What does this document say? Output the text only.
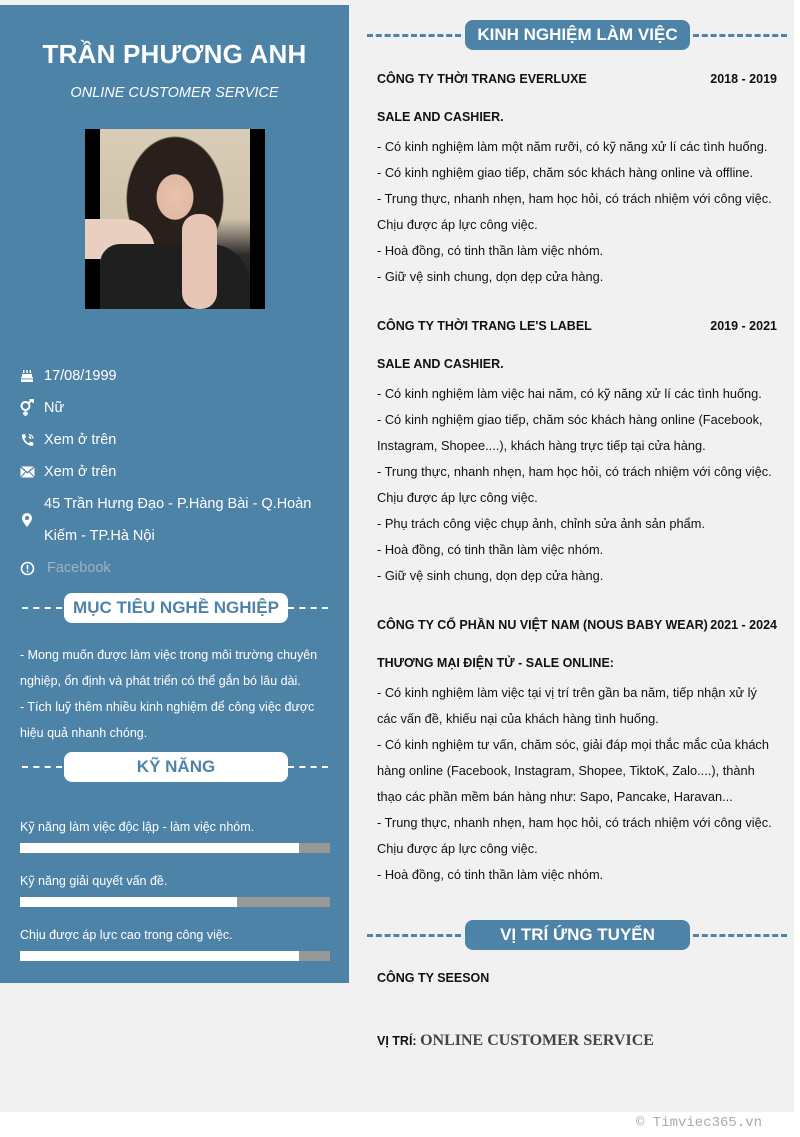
TRẦN PHƯƠNG ANH
ONLINE CUSTOMER SERVICE
17/08/1999
Nữ
Xem ở trên
Xem ở trên
45 Trần Hưng Đạo - P.Hàng Bài - Q.Hoàn
Kiếm - TP.Hà Nội
Facebook
MỤC TIÊU NGHỀ NGHIỆP
- Mong muốn được làm việc trong môi trường chuyên nghiệp, ổn định và phát triển có thể gắn bó lâu dài.
- Tích luỹ thêm nhiều kinh nghiệm để công việc được hiệu quả nhanh chóng.
KỸ NĂNG
Kỹ năng làm việc độc lập - làm việc nhóm.
Kỹ năng giải quyết vấn đề.
Chịu được áp lực cao trong công việc.
KINH NGHIỆM LÀM VIỆC
CÔNG TY THỜI TRANG EVERLUXE	2018 - 2019
SALE AND CASHIER.
- Có kinh nghiệm làm một năm rưỡi, có kỹ năng xử lí các tình huống.
- Có kinh nghiệm giao tiếp, chăm sóc khách hàng online và offline.
- Trung thực, nhanh nhẹn, ham học hỏi, có trách nhiệm với công việc.
Chịu được áp lực công việc.
- Hoà đồng, có tinh thần làm việc nhóm.
- Giữ vệ sinh chung, dọn dẹp cửa hàng.
CÔNG TY THỜI TRANG LE'S LABEL	2019 - 2021
SALE AND CASHIER.
- Có kinh nghiệm làm việc hai năm, có kỹ năng xử lí các tình huống.
- Có kinh nghiệm giao tiếp, chăm sóc khách hàng online (Facebook,
Instagram, Shopee....), khách hàng trực tiếp tại cửa hàng.
- Trung thực, nhanh nhẹn, ham học hỏi, có trách nhiệm với công việc.
Chịu được áp lực công việc.
- Phụ trách công việc chụp ảnh, chỉnh sửa ảnh sản phẩm.
- Hoà đồng, có tinh thần làm việc nhóm.
- Giữ vệ sinh chung, dọn dẹp cửa hàng.
CÔNG TY CỔ PHẦN NU VIỆT NAM (NOUS BABY WEAR) 2021 - 2024
THƯƠNG MẠI ĐIỆN TỬ - SALE ONLINE:
- Có kinh nghiệm làm việc tại vị trí trên gần ba năm, tiếp nhận xử lý
các vấn đề, khiếu nại của khách hàng tình huống.
- Có kinh nghiệm tư vấn, chăm sóc, giải đáp mọi thắc mắc của khách
hàng online (Facebook, Instagram, Shopee, TiktoK, Zalo....), thành
thạo các phần mềm bán hàng như: Sapo, Pancake, Haravan...
- Trung thực, nhanh nhẹn, ham học hỏi, có trách nhiệm với công việc.
Chịu được áp lực công việc.
- Hoà đồng, có tinh thần làm việc nhóm.
VỊ TRÍ ỨNG TUYỂN
CÔNG TY SEESON
VỊ TRÍ: ONLINE CUSTOMER SERVICE
© Timviec365.vn
